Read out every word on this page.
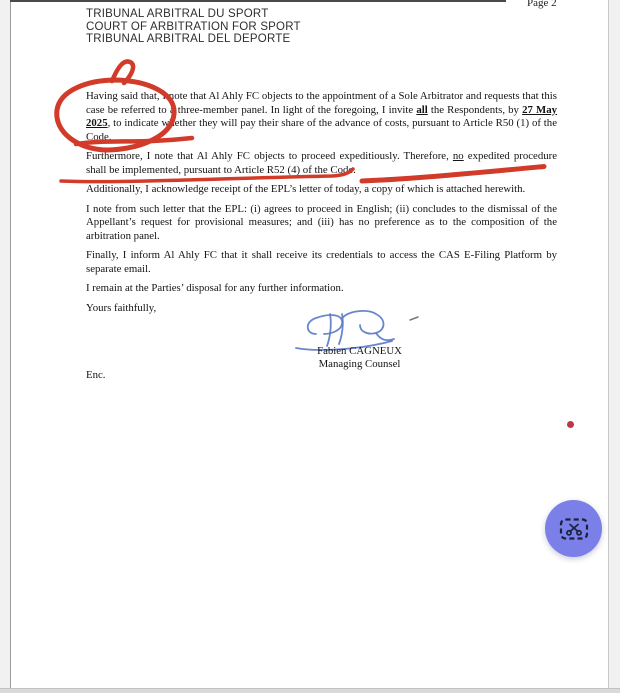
Page 2
TRIBUNAL ARBITRAL DU SPORT
COURT OF ARBITRATION FOR SPORT
TRIBUNAL ARBITRAL DEL DEPORTE

Having said that, I note that Al Ahly FC objects to the appointment of a Sole Arbitrator and requests that this case be referred to a three-member panel. In light of the foregoing, I invite all the Respondents, by 27 May 2025, to indicate whether they will pay their share of the advance of costs, pursuant to Article R50 (1) of the Code.

Furthermore, I note that Al Ahly FC objects to proceed expeditiously. Therefore, no expedited procedure shall be implemented, pursuant to Article R52 (4) of the Code.

Additionally, I acknowledge receipt of the EPL’s letter of today, a copy of which is attached herewith.

I note from such letter that the EPL: (i) agrees to proceed in English; (ii) concludes to the dismissal of the Appellant’s request for provisional measures; and (iii) has no preference as to the composition of the arbitration panel.

Finally, I inform Al Ahly FC that it shall receive its credentials to access the CAS E-Filing Platform by separate email.

I remain at the Parties’ disposal for any further information.

Yours faithfully,

Fabien CAGNEUX
Managing Counsel
Enc.
